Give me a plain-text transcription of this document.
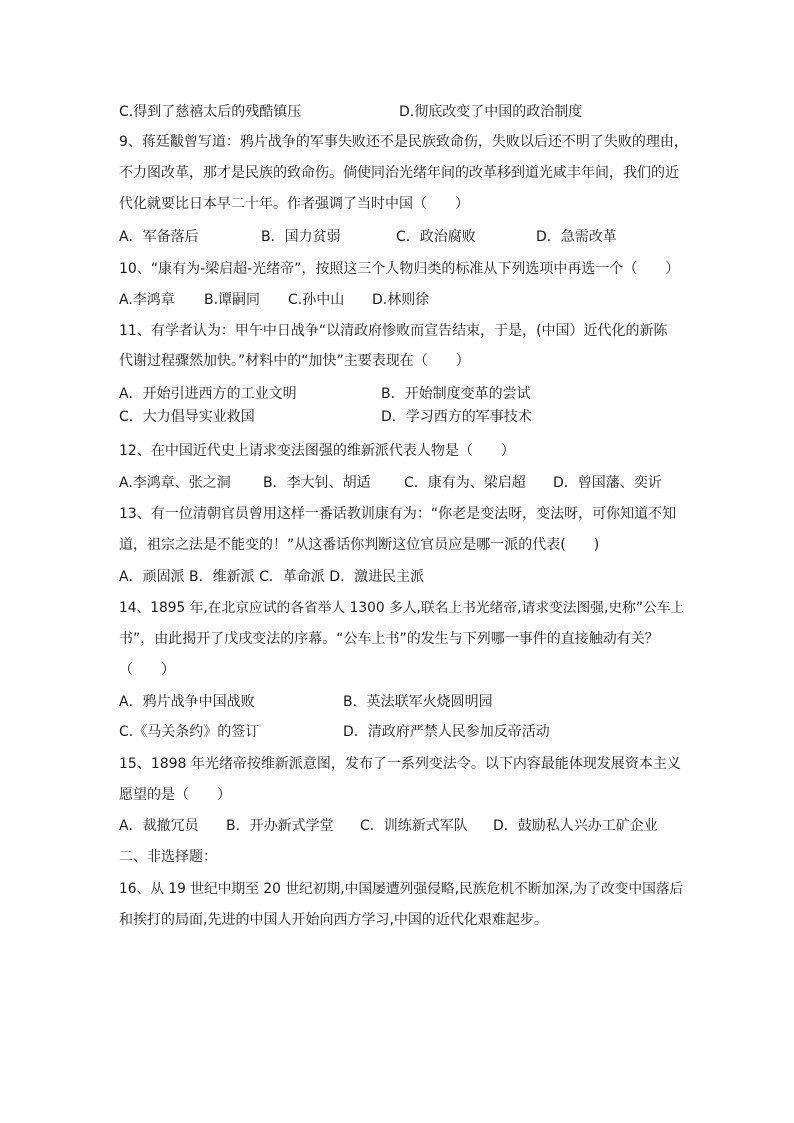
C.得到了慈禧太后的残酷镇压	D.彻底改变了中国的政治制度
9、蒋廷黻曾写道：鸦片战争的军事失败还不是民族致命伤，失败以后还不明了失败的理由，
不力图改革，那才是民族的致命伤。倘使同治光绪年间的改革移到道光咸丰年间，我们的近
代化就要比日本早二十年。作者强调了当时中国（　　）
A．军备落后	B．国力贫弱	C．政治腐败	D．急需改革
10、“康有为-梁启超-光绪帝”，按照这三个人物归类的标准从下列选项中再选一个（　　）
A.李鸿章 B.谭嗣同 C.孙中山 D.林则徐
11、有学者认为：甲午中日战争“以清政府惨败而宣告结束，于是，(中国）近代化的新陈
代谢过程骤然加快。”材料中的“加快”主要表现在（　　）
A．开始引进西方的工业文明	B．开始制度变革的尝试
C．大力倡导实业救国	D．学习西方的军事技术
12、在中国近代史上请求变法图强的维新派代表人物是（　　）
A.李鸿章、张之洞 B．李大钊、胡适 C．康有为、梁启超 D．曾国藩、奕䜣
13、有一位清朝官员曾用这样一番话教训康有为：“你老是变法呀，变法呀，可你知道不知
道，祖宗之法是不能变的！”从这番话你判断这位官员应是哪一派的代表(　　)
A．顽固派 B．维新派 C．革命派 D．激进民主派
14、1895 年,在北京应试的各省举人 1300 多人,联名上书光绪帝,请求变法图强,史称”公车上
书”，由此揭开了戊戌变法的序幕。“公车上书”的发生与下列哪一事件的直接触动有关？
（　　）
A．鸦片战争中国战败	B．英法联军火烧圆明园
C.《马关条约》的签订	D．清政府严禁人民参加反帝活动
15、1898 年光绪帝按维新派意图，发布了一系列变法令。以下内容最能体现发展资本主义
愿望的是（　　）
A．裁撤冗员 B．开办新式学堂 C．训练新式军队 D．鼓励私人兴办工矿企业
二、非选择题：
16、从 19 世纪中期至 20 世纪初期,中国屡遭列强侵略,民族危机不断加深,为了改变中国落后
和挨打的局面,先进的中国人开始向西方学习,中国的近代化艰难起步。
